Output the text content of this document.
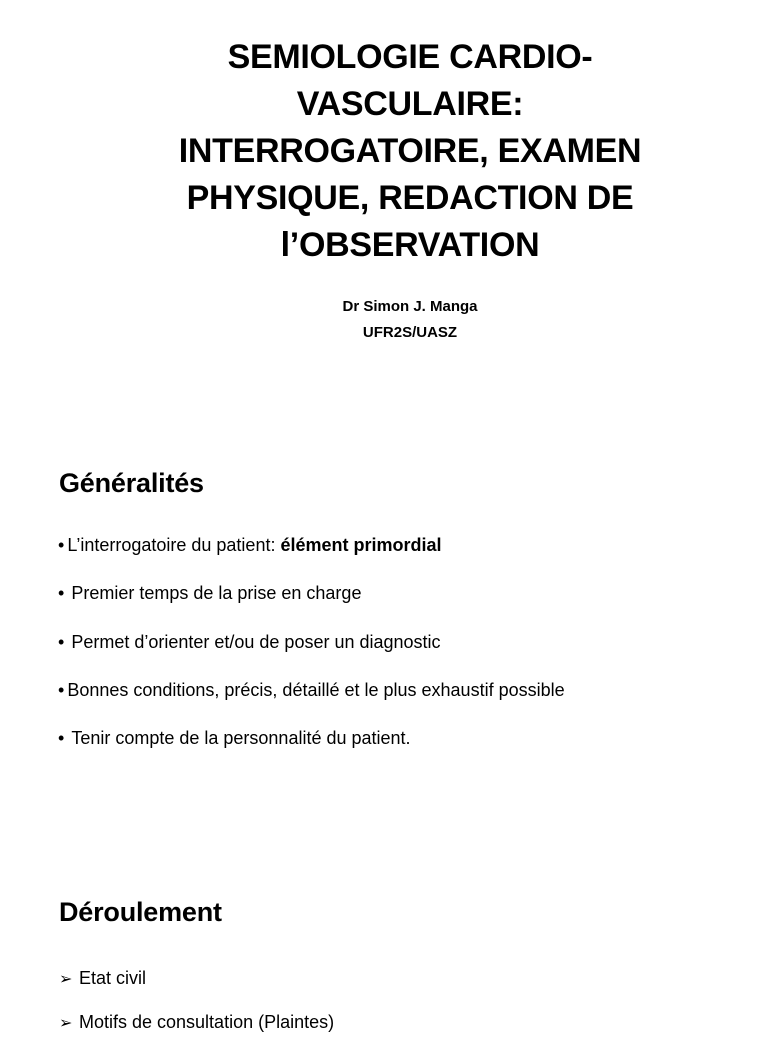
SEMIOLOGIE CARDIO-
VASCULAIRE:
INTERROGATOIRE, EXAMEN
PHYSIQUE, REDACTION DE
l’OBSERVATION
Dr Simon J. Manga
UFR2S/UASZ
Généralités
• L’interrogatoire du patient: élément primordial
• Premier temps de la prise en charge
• Permet d’orienter et/ou de poser un diagnostic
• Bonnes conditions, précis, détaillé et le plus exhaustif possible
• Tenir compte de la personnalité du patient.
Déroulement
➢ Etat civil
➢ Motifs de consultation (Plaintes)
